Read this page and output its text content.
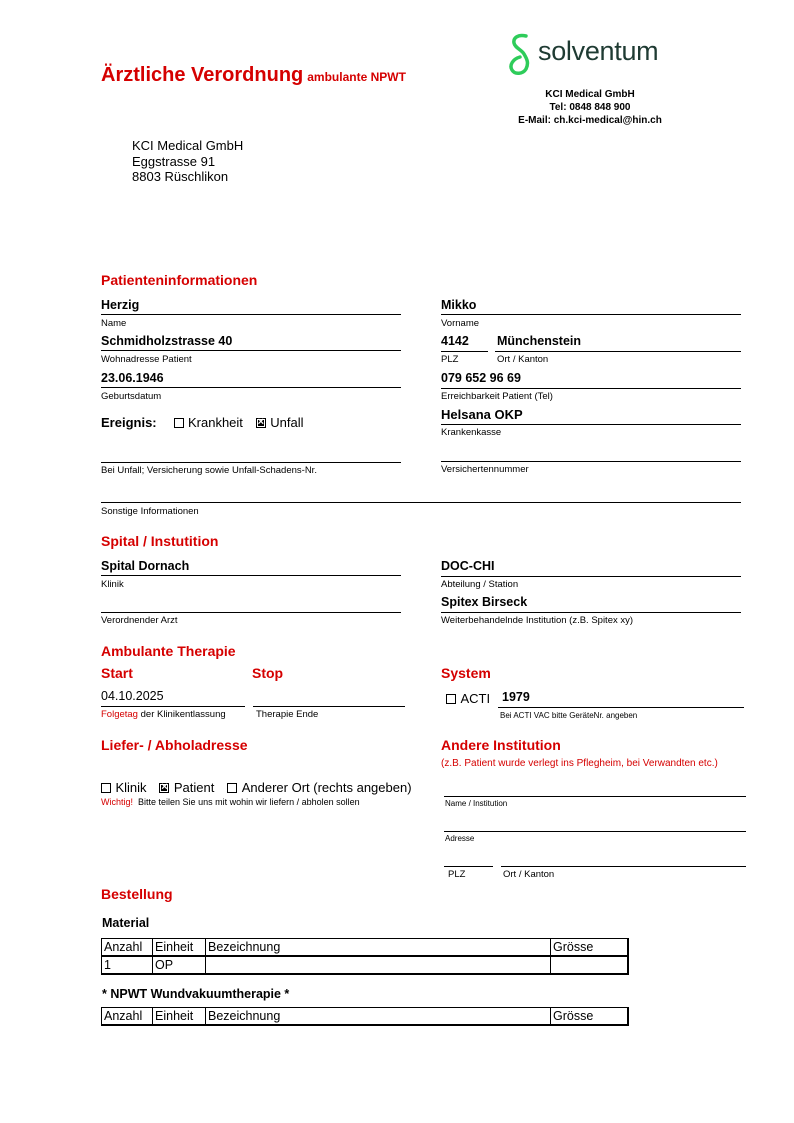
Ärztliche Verordnung ambulante NPWT
solventum
KCI Medical GmbH
Tel: 0848 848 900
E-Mail: ch.kci-medical@hin.ch
KCI Medical GmbH
Eggstrasse 91
8803 Rüschlikon
Patienteninformationen
Herzig
Name
Mikko
Vorname
Schmidholzstrasse 40
Wohnadresse Patient
4142
PLZ
Münchenstein
Ort / Kanton
23.06.1946
Geburtsdatum
079 652 96 69
Erreichbarkeit Patient (Tel)
Ereignis: Krankheit × Unfall
Helsana OKP
Krankenkasse
Bei Unfall; Versicherung sowie Unfall-Schadens-Nr.	Versichertennummer
Sonstige Informationen
Spital / Instutition
Spital Dornach
Klinik
DOC-CHI
Abteilung / Station
Verordnender Arzt
Spitex Birseck
Weiterbehandelnde Institution (z.B. Spitex xy)
Ambulante Therapie
Start	Stop
04.10.2025
Folgetag der Klinikentlassung	Therapie Ende
System
ACTI 1979
Bei ACTI VAC bitte GeräteNr. angeben
Liefer- / Abholadresse
Klinik × Patient Anderer Ort (rechts angeben)
Wichtig! Bitte teilen Sie uns mit wohin wir liefern / abholen sollen
Andere Institution
(z.B. Patient wurde verlegt ins Pflegheim, bei Verwandten etc.)
Name / Institution
Adresse
PLZ	Ort / Kanton
Bestellung
Material
Anzahl	Einheit	Bezeichnung	Grösse
1	OP		
* NPWT Wundvakuumtherapie *
Anzahl	Einheit	Bezeichnung	Grösse
